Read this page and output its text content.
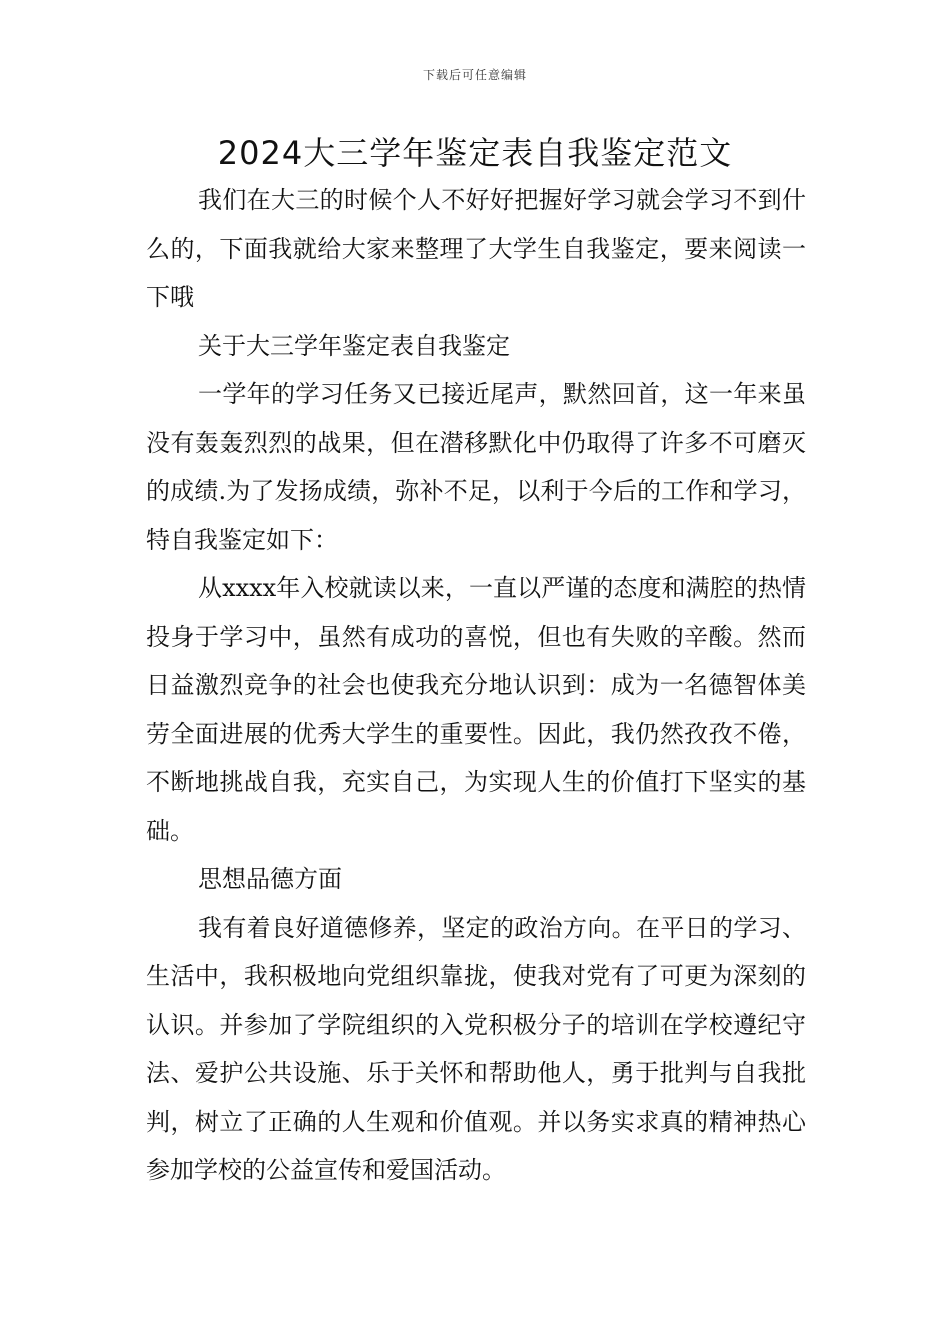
下载后可任意编辑
2024大三学年鉴定表自我鉴定范文

我们在大三的时候个人不好好把握好学习就会学习不到什么的，下面我就给大家来整理了大学生自我鉴定，要来阅读一下哦

关于大三学年鉴定表自我鉴定

一学年的学习任务又已接近尾声，默然回首，这一年来虽没有轰轰烈烈的战果，但在潜移默化中仍取得了许多不可磨灭的成绩.为了发扬成绩，弥补不足，以利于今后的工作和学习，特自我鉴定如下：

从xxxx年入校就读以来，一直以严谨的态度和满腔的热情投身于学习中，虽然有成功的喜悦，但也有失败的辛酸。然而日益激烈竞争的社会也使我充分地认识到：成为一名德智体美劳全面进展的优秀大学生的重要性。因此，我仍然孜孜不倦，不断地挑战自我，充实自己，为实现人生的价值打下坚实的基础。

思想品德方面

我有着良好道德修养，坚定的政治方向。在平日的学习、生活中，我积极地向党组织靠拢，使我对党有了可更为深刻的认识。并参加了学院组织的入党积极分子的培训在学校遵纪守法、爱护公共设施、乐于关怀和帮助他人，勇于批判与自我批判，树立了正确的人生观和价值观。并以务实求真的精神热心参加学校的公益宣传和爱国活动。
